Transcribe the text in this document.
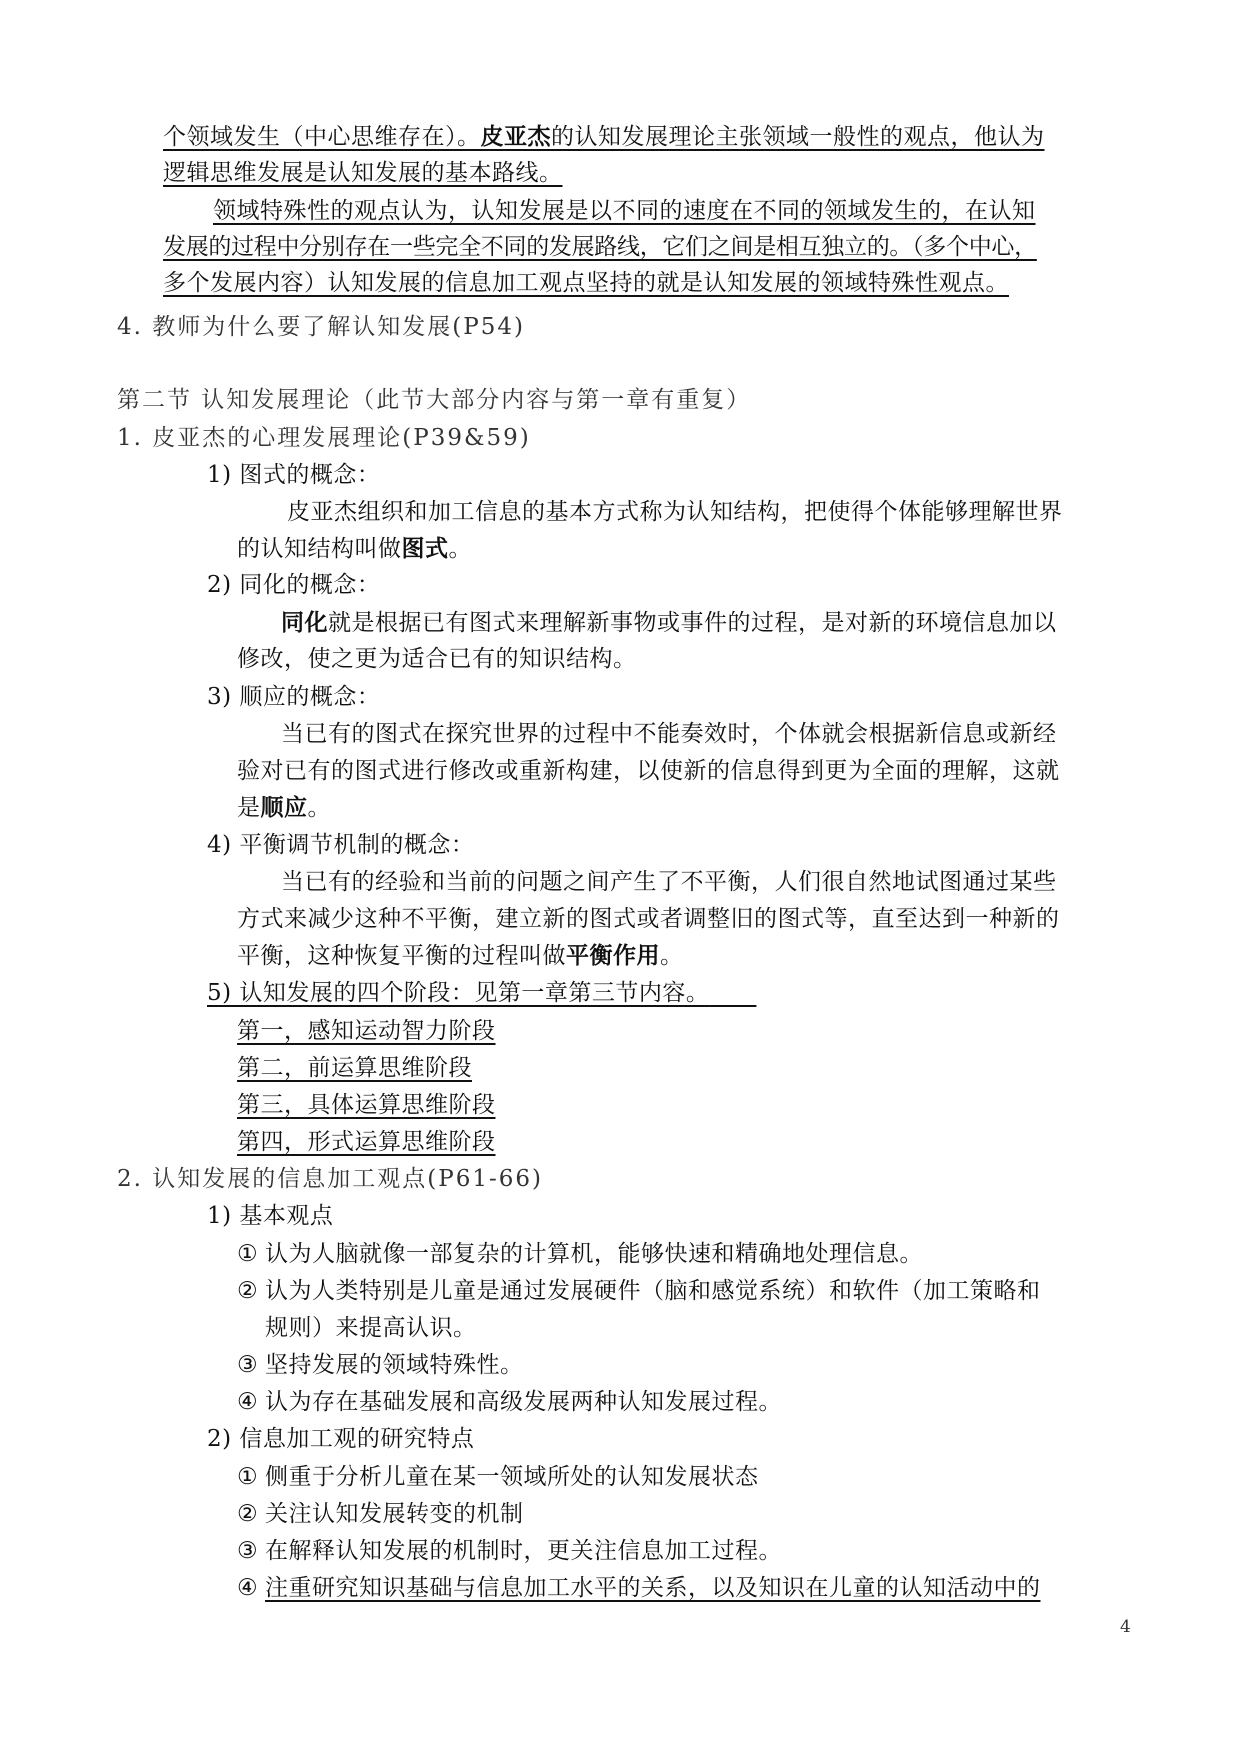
个领域发生（中心思维存在）。皮亚杰的认知发展理论主张领域一般性的观点，他认为
逻辑思维发展是认知发展的基本路线。
领域特殊性的观点认为，认知发展是以不同的速度在不同的领域发生的，在认知
发展的过程中分别存在一些完全不同的发展路线，它们之间是相互独立的。（多个中心，
多个发展内容）认知发展的信息加工观点坚持的就是认知发展的领域特殊性观点。
4. 教师为什么要了解认知发展(P54)
第二节 认知发展理论（此节大部分内容与第一章有重复）
1. 皮亚杰的心理发展理论(P39&59)
1) 图式的概念：
皮亚杰组织和加工信息的基本方式称为认知结构，把使得个体能够理解世界
的认知结构叫做图式。
2) 同化的概念：
同化就是根据已有图式来理解新事物或事件的过程，是对新的环境信息加以
修改，使之更为适合已有的知识结构。
3) 顺应的概念：
当已有的图式在探究世界的过程中不能奏效时，个体就会根据新信息或新经
验对已有的图式进行修改或重新构建，以使新的信息得到更为全面的理解，这就
是顺应。
4) 平衡调节机制的概念：
当已有的经验和当前的问题之间产生了不平衡，人们很自然地试图通过某些
方式来减少这种不平衡，建立新的图式或者调整旧的图式等，直至达到一种新的
平衡，这种恢复平衡的过程叫做平衡作用。
5) 认知发展的四个阶段：见第一章第三节内容。  
第一，感知运动智力阶段
第二，前运算思维阶段
第三，具体运算思维阶段
第四，形式运算思维阶段
2. 认知发展的信息加工观点(P61-66)
1) 基本观点
① 认为人脑就像一部复杂的计算机，能够快速和精确地处理信息。
② 认为人类特别是儿童是通过发展硬件（脑和感觉系统）和软件（加工策略和
规则）来提高认识。
③ 坚持发展的领域特殊性。
④ 认为存在基础发展和高级发展两种认知发展过程。
2) 信息加工观的研究特点
① 侧重于分析儿童在某一领域所处的认知发展状态
② 关注认知发展转变的机制
③ 在解释认知发展的机制时，更关注信息加工过程。
④ 注重研究知识基础与信息加工水平的关系，以及知识在儿童的认知活动中的
4
